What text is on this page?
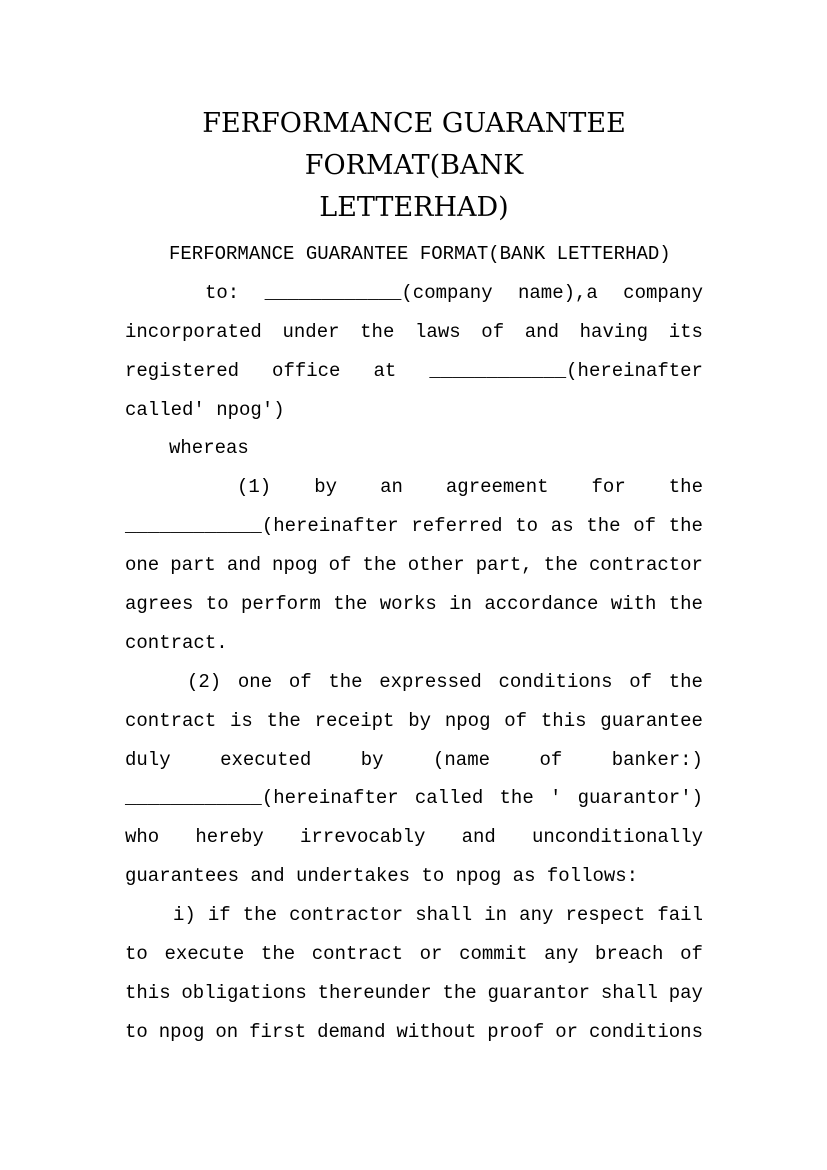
FERFORMANCE GUARANTEE FORMAT(BANK
LETTERHAD)
FERFORMANCE GUARANTEE FORMAT(BANK LETTERHAD)
to: ____________(company name),a company
incorporated under the laws of and having its
registered office at ____________(hereinafter
called' npog')
whereas
(1) by an agreement for the
____________(hereinafter referred to as the of the
one part and npog of the other part, the contractor
agrees to perform the works in accordance with the
contract.
(2) one of the expressed conditions of the
contract is the receipt by npog of this guarantee
duly	executed	by	(name	of	banker:)
____________(hereinafter called the ' guarantor')
who hereby irrevocably and unconditionally
guarantees and undertakes to npog as follows:
i) if the contractor shall in any respect fail
to execute the contract or commit any breach of
this obligations thereunder the guarantor shall pay
to npog on first demand without proof or conditions
